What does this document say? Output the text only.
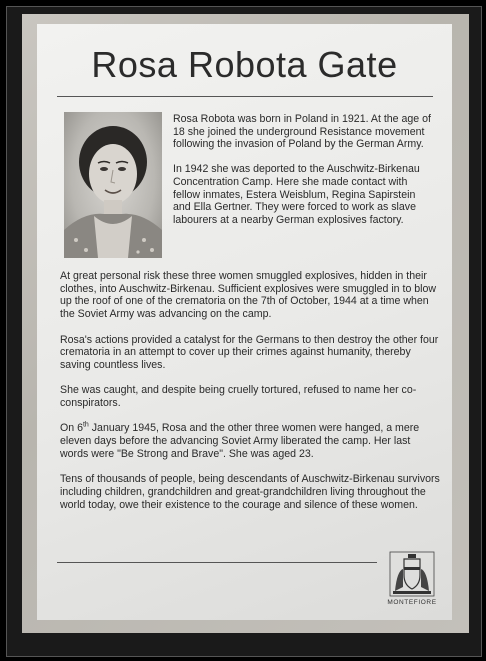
Rosa Robota Gate

Rosa Robota was born in Poland in 1921. At the age of 18 she joined the underground Resistance movement following the invasion of Poland by the German Army.

In 1942 she was deported to the Auschwitz-Birkenau Concentration Camp. Here she made contact with fellow inmates, Estera Weisblum, Regina Sapirstein and Ella Gertner. They were forced to work as slave labourers at a nearby German explosives factory.

At great personal risk these three women smuggled explosives, hidden in their clothes, into Auschwitz-Birkenau. Sufficient explosives were smuggled in to blow up the roof of one of the crematoria on the 7th of October, 1944 at a time when the Soviet Army was advancing on the camp.

Rosa's actions provided a catalyst for the Germans to then destroy the other four crematoria in an attempt to cover up their crimes against humanity, thereby saving countless lives.

She was caught, and despite being cruelly tortured, refused to name her co-conspirators.

On 6th January 1945, Rosa and the other three women were hanged, a mere eleven days before the advancing Soviet Army liberated the camp. Her last words were "Be Strong and Brave". She was aged 23.

Tens of thousands of people, being descendants of Auschwitz-Birkenau survivors including children, grandchildren and great-grandchildren living throughout the world today, owe their existence to the courage and silence of these women.

MONTEFIORE
